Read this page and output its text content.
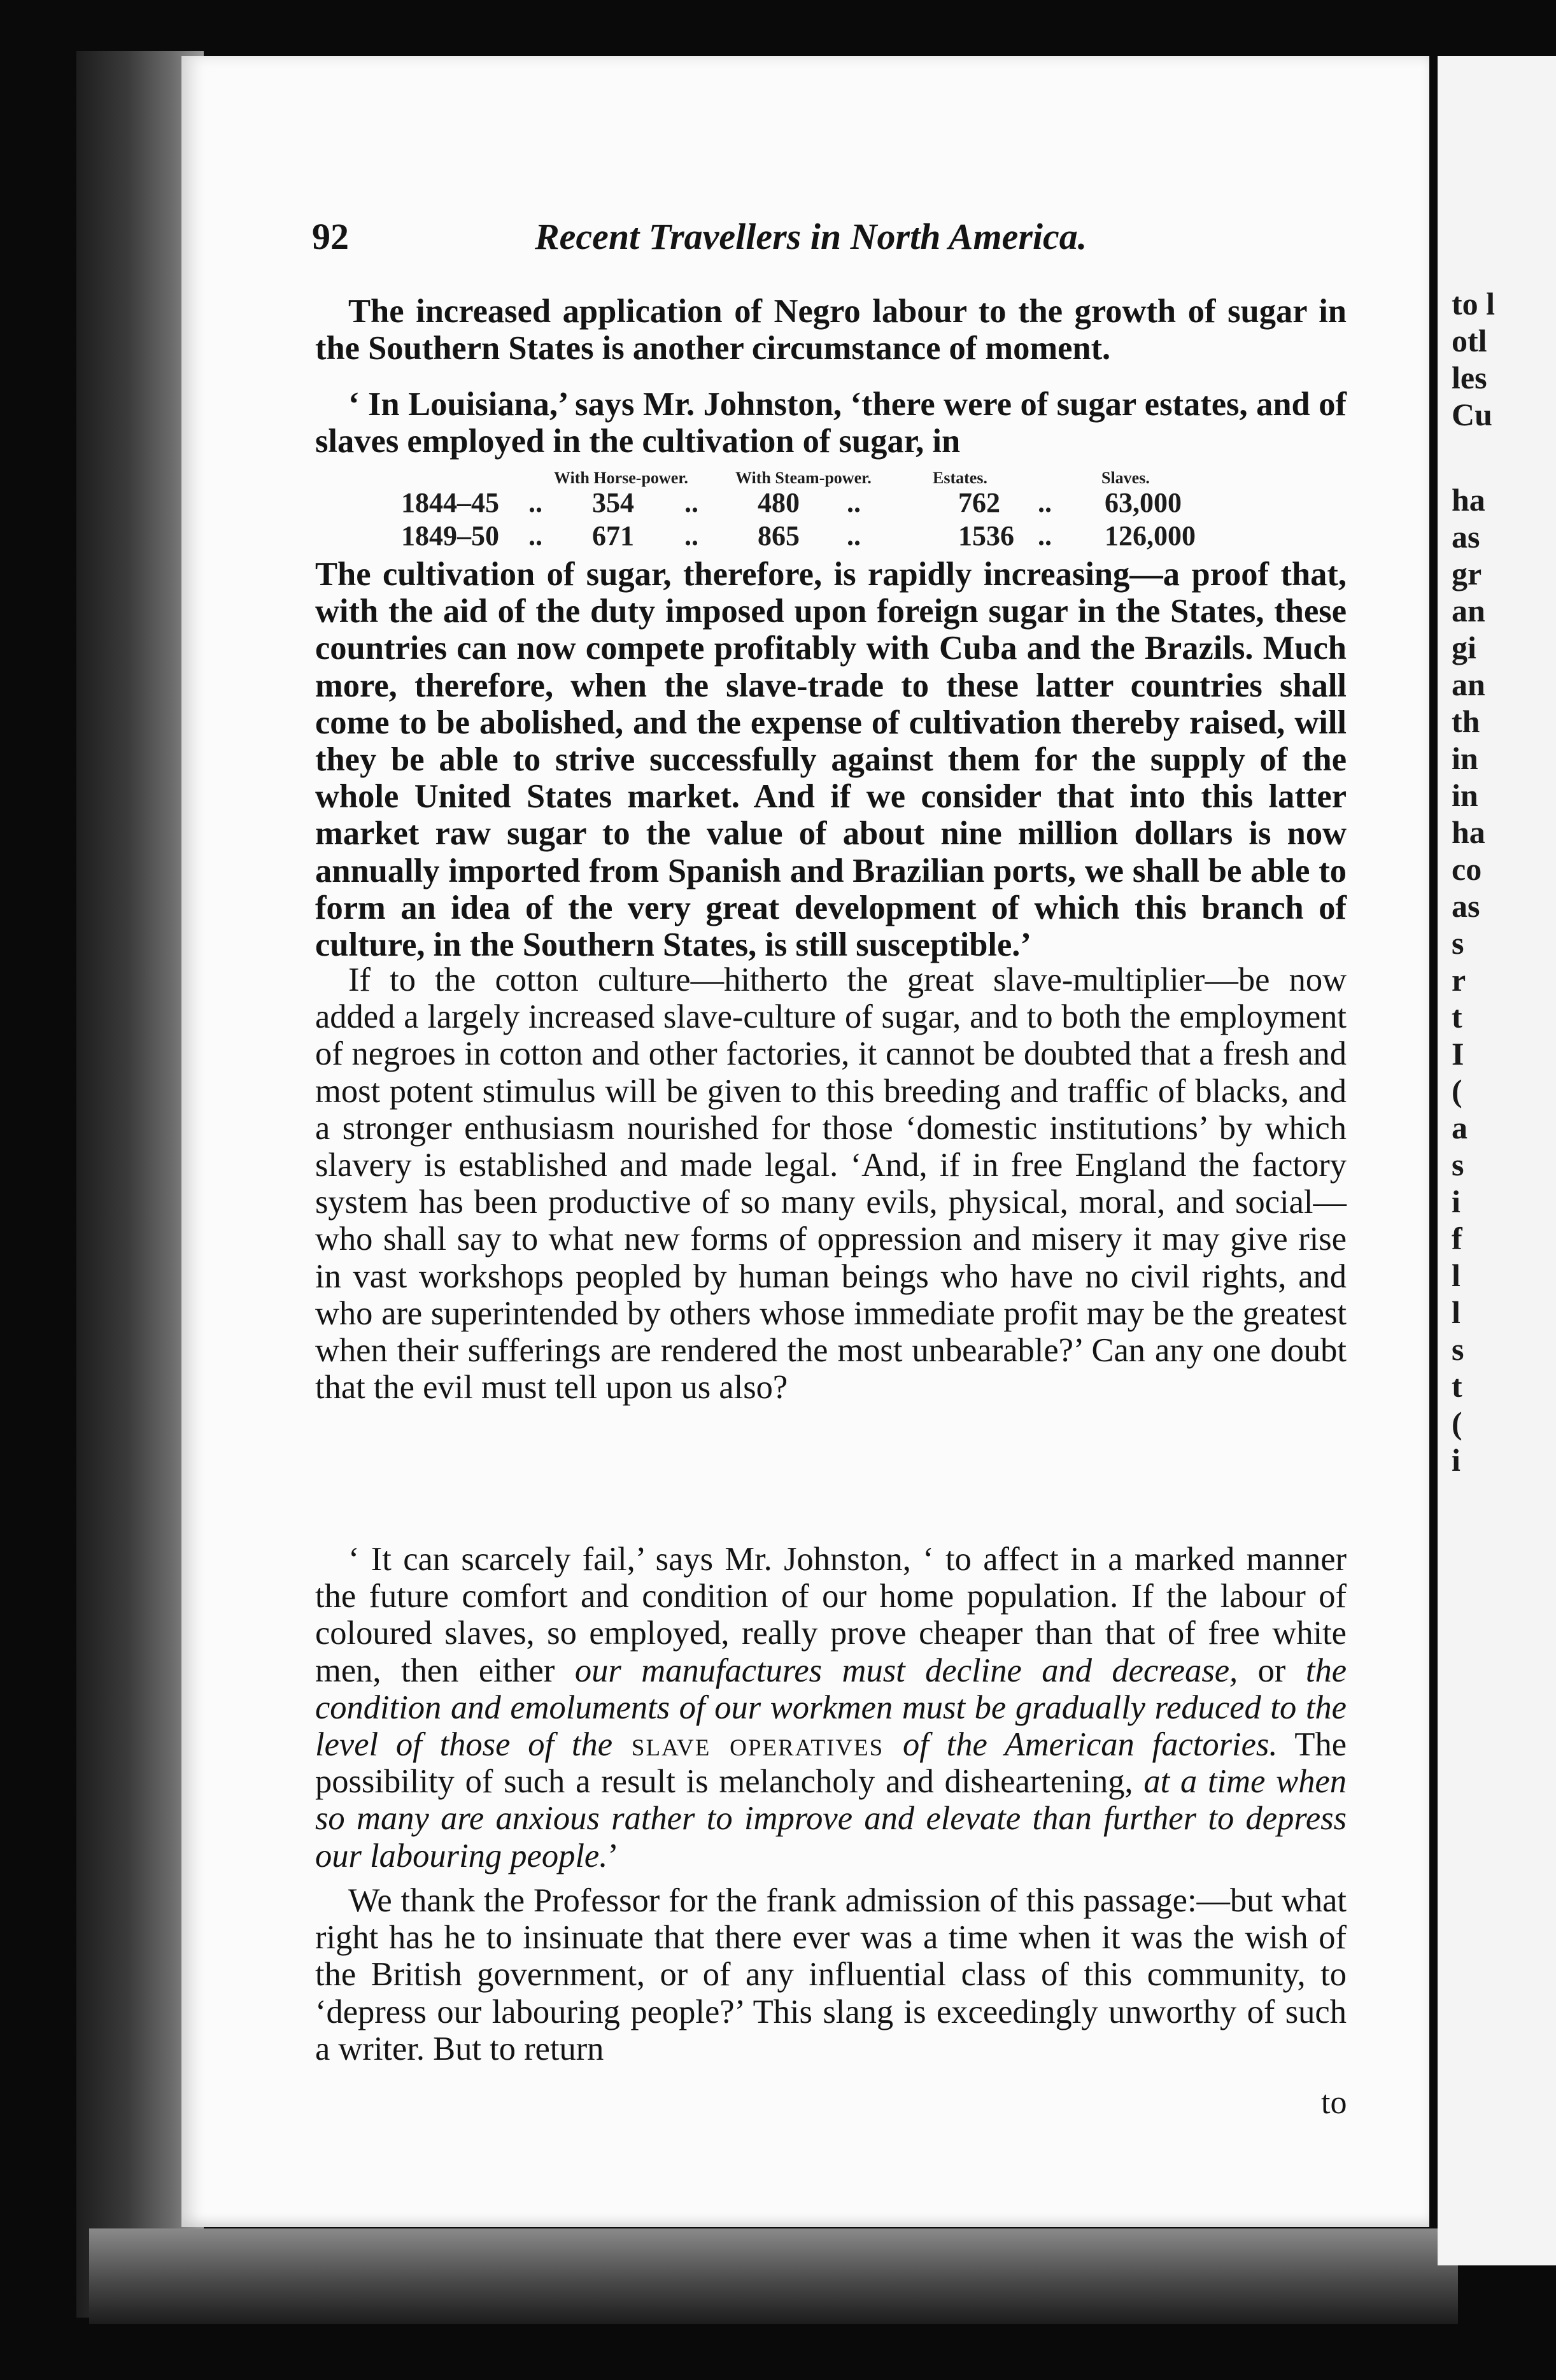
92	Recent Travellers in North America.

The increased application of Negro labour to the growth of sugar in the Southern States is another circumstance of moment.

‘ In Louisiana,’ says Mr. Johnston, ‘there were of sugar estates, and of slaves employed in the cultivation of sugar, in

With Horse-power.	With Steam-power.	Estates.	Slaves.
1844–45 .. 354 .. 480 ..	762 .. 63,000
1849–50 .. 671 .. 865 ..	1536 .. 126,000

The cultivation of sugar, therefore, is rapidly increasing—a proof that, with the aid of the duty imposed upon foreign sugar in the States, these countries can now compete profitably with Cuba and the Brazils. Much more, therefore, when the slave-trade to these latter countries shall come to be abolished, and the expense of cultivation thereby raised, will they be able to strive successfully against them for the supply of the whole United States market. And if we consider that into this latter market raw sugar to the value of about nine million dollars is now annually imported from Spanish and Brazilian ports, we shall be able to form an idea of the very great development of which this branch of culture, in the Southern States, is still susceptible.’

If to the cotton culture—hitherto the great slave-multiplier—be now added a largely increased slave-culture of sugar, and to both the employment of negroes in cotton and other factories, it cannot be doubted that a fresh and most potent stimulus will be given to this breeding and traffic of blacks, and a stronger enthusiasm nourished for those ‘domestic institutions’ by which slavery is established and made legal. ‘And, if in free England the factory system has been productive of so many evils, physical, moral, and social—who shall say to what new forms of oppression and misery it may give rise in vast workshops peopled by human beings who have no civil rights, and who are superintended by others whose immediate profit may be the greatest when their sufferings are rendered the most unbearable?’ Can any one doubt that the evil must tell upon us also?

‘ It can scarcely fail,’ says Mr. Johnston, ‘ to affect in a marked manner the future comfort and condition of our home population. If the labour of coloured slaves, so employed, really prove cheaper than that of free white men, then either our manufactures must decline and decrease, or the condition and emoluments of our workmen must be gradually reduced to the level of those of the slave operatives of the American factories. The possibility of such a result is melancholy and disheartening, at a time when so many are anxious rather to improve and elevate than further to depress our labouring people.’

We thank the Professor for the frank admission of this passage:—but what right has he to insinuate that there ever was a time when it was the wish of the British government, or of any influential class of this community, to ‘depress our labouring people?’ This slang is exceedingly unworthy of such a writer. But to return

to
to l
otl
les
Cu
ha
as
gr
an
gi
an
th
in
in
ha
co
as
s
r
t
I
(
a
s
i
f
l
l
s
t
(
i
